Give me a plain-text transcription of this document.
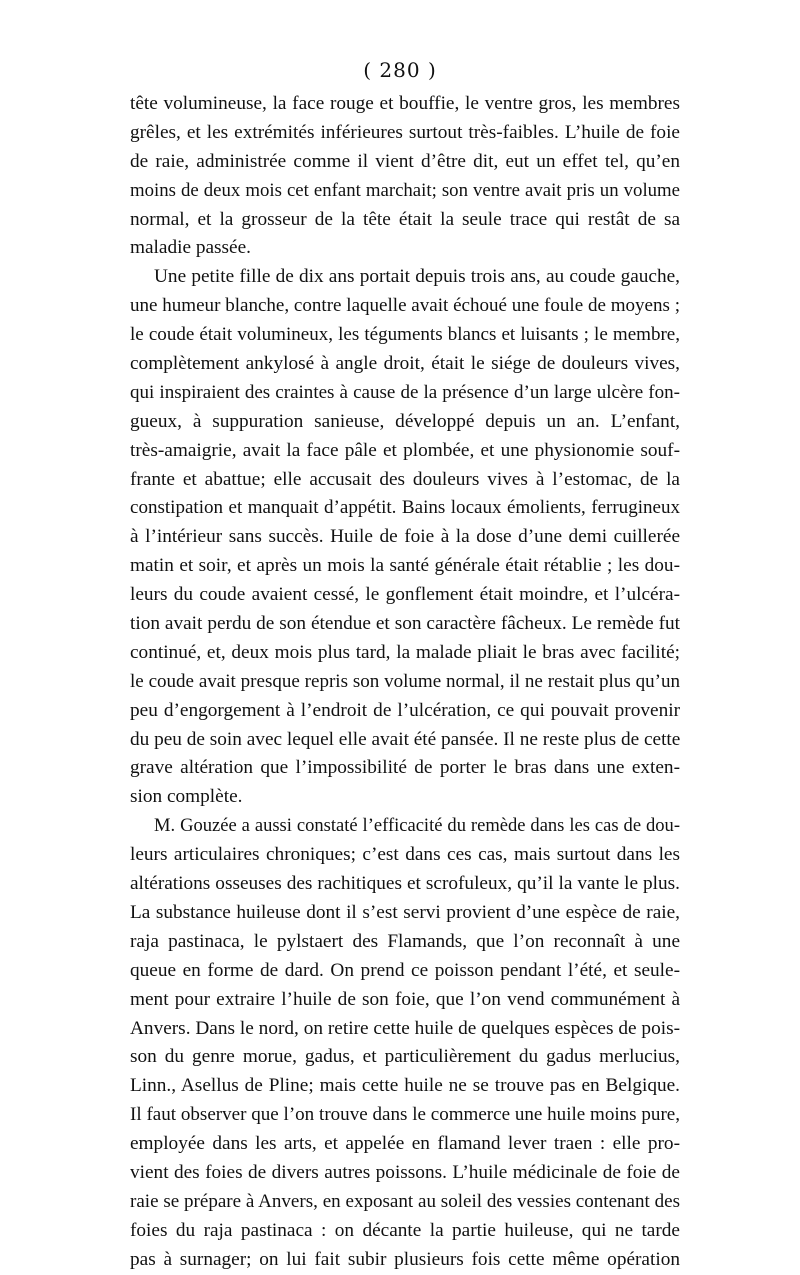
( 280 )
tête volumineuse, la face rouge et bouffie, le ventre gros, les membres
grêles, et les extrémités inférieures surtout très-faibles. L’huile de foie
de raie, administrée comme il vient d’être dit, eut un effet tel, qu’en
moins de deux mois cet enfant marchait; son ventre avait pris un volume
normal, et la grosseur de la tête était la seule trace qui restât de sa
maladie passée.
Une petite fille de dix ans portait depuis trois ans, au coude gauche,
une humeur blanche, contre laquelle avait échoué une foule de moyens ;
le coude était volumineux, les téguments blancs et luisants ; le membre,
complètement ankylosé à angle droit, était le siége de douleurs vives,
qui inspiraient des craintes à cause de la présence d’un large ulcère fon-
gueux, à suppuration sanieuse, développé depuis un an. L’enfant,
très-amaigrie, avait la face pâle et plombée, et une physionomie souf-
frante et abattue; elle accusait des douleurs vives à l’estomac, de la
constipation et manquait d’appétit. Bains locaux émolients, ferrugineux
à l’intérieur sans succès. Huile de foie à la dose d’une demi cuillerée
matin et soir, et après un mois la santé générale était rétablie ; les dou-
leurs du coude avaient cessé, le gonflement était moindre, et l’ulcéra-
tion avait perdu de son étendue et son caractère fâcheux. Le remède fut
continué, et, deux mois plus tard, la malade pliait le bras avec facilité;
le coude avait presque repris son volume normal, il ne restait plus qu’un
peu d’engorgement à l’endroit de l’ulcération, ce qui pouvait provenir
du peu de soin avec lequel elle avait été pansée. Il ne reste plus de cette
grave altération que l’impossibilité de porter le bras dans une exten-
sion complète.
M. Gouzée a aussi constaté l’efficacité du remède dans les cas de dou-
leurs articulaires chroniques; c’est dans ces cas, mais surtout dans les
altérations osseuses des rachitiques et scrofuleux, qu’il la vante le plus.
La substance huileuse dont il s’est servi provient d’une espèce de raie,
raja pastinaca, le pylstaert des Flamands, que l’on reconnaît à une
queue en forme de dard. On prend ce poisson pendant l’été, et seule-
ment pour extraire l’huile de son foie, que l’on vend communément à
Anvers. Dans le nord, on retire cette huile de quelques espèces de pois-
son du genre morue, gadus, et particulièrement du gadus merlucius,
Linn., Asellus de Pline; mais cette huile ne se trouve pas en Belgique.
Il faut observer que l’on trouve dans le commerce une huile moins pure,
employée dans les arts, et appelée en flamand lever traen : elle pro-
vient des foies de divers autres poissons. L’huile médicinale de foie de
raie se prépare à Anvers, en exposant au soleil des vessies contenant des
foies du raja pastinaca : on décante la partie huileuse, qui ne tarde
pas à surnager; on lui fait subir plusieurs fois cette même opération
